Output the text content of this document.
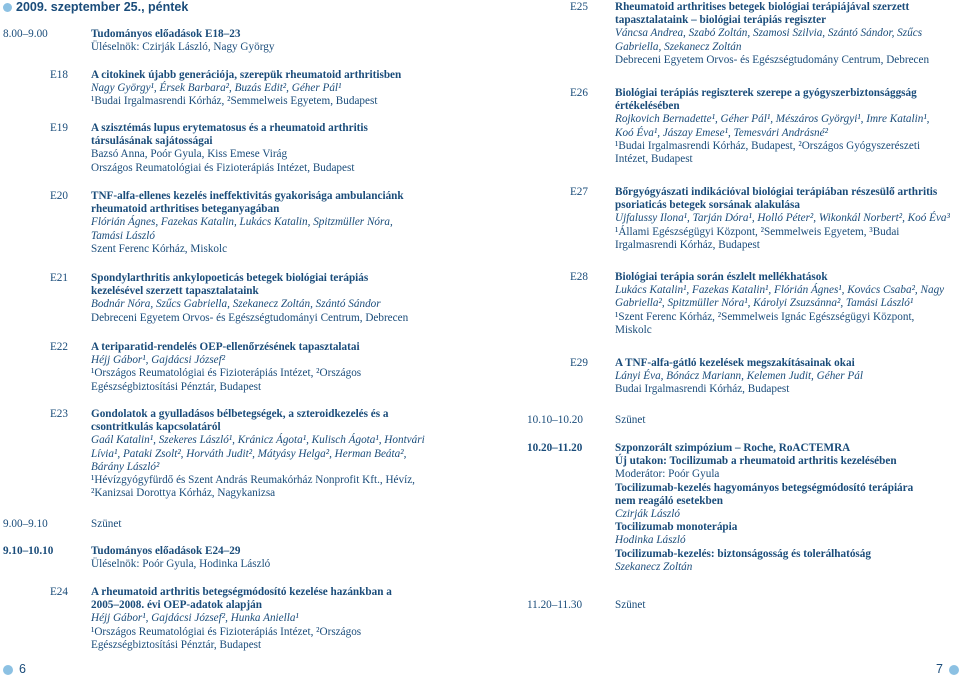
2009. szeptember 25., péntek
8.00–9.00	Tudományos előadások E18–23
Üléselnök: Czirják László, Nagy György
E18 A citokinek újabb generációja, szerepük rheumatoid arthritisben
Nagy György¹, Érsek Barbara², Buzás Edit², Géher Pál¹
¹Budai Irgalmasrendi Kórház, ²Semmelweis Egyetem, Budapest
E19 A szisztémás lupus erytematosus és a rheumatoid arthritis
társulásának sajátosságai
Bazsó Anna, Poór Gyula, Kiss Emese Virág
Országos Reumatológiai és Fizioterápiás Intézet, Budapest
E20 TNF-alfa-ellenes kezelés ineffektivitás gyakorisága ambulanciánk
rheumatoid arthritises beteganyagában
Flórián Ágnes, Fazekas Katalin, Lukács Katalin, Spitzmüller Nóra,
Tamási László
Szent Ferenc Kórház, Miskolc
E21 Spondylarthritis ankylopoeticás betegek biológiai terápiás
kezelésével szerzett tapasztalataink
Bodnár Nóra, Szűcs Gabriella, Szekanecz Zoltán, Szántó Sándor
Debreceni Egyetem Orvos- és Egészségtudományi Centrum, Debrecen
E22 A teriparatid-rendelés OEP-ellenőrzésének tapasztalatai
Héjj Gábor¹, Gajdácsi József²
¹Országos Reumatológiai és Fizioterápiás Intézet, ²Országos
Egészségbiztosítási Pénztár, Budapest
E23 Gondolatok a gyulladásos bélbetegségek, a szteroidkezelés és a
csontritkulás kapcsolatáról
Gaál Katalin¹, Szekeres László¹, Kránicz Ágota¹, Kulisch Ágota¹, Hontvári
Lívia¹, Pataki Zsolt², Horváth Judit², Mátyásy Helga², Herman Beáta²,
Bárány László²
¹Hévízgyógyfürdő és Szent András Reumakórház Nonprofit Kft., Hévíz,
²Kanizsai Dorottya Kórház, Nagykanizsa
9.00–9.10	Szünet
9.10–10.10	Tudományos előadások E24–29
Üléselnök: Poór Gyula, Hodinka László
E24 A rheumatoid arthritis betegségmódosító kezelése hazánkban a
2005–2008. évi OEP-adatok alapján
Héjj Gábor¹, Gajdácsi József², Hunka Aniella¹
¹Országos Reumatológiai és Fizioterápiás Intézet, ²Országos
Egészségbiztosítási Pénztár, Budapest
6
E25 Rheumatoid arthritises betegek biológiai terápiájával szerzett
tapasztalataink – biológiai terápiás regiszter
Váncsa Andrea, Szabó Zoltán, Szamosi Szilvia, Szántó Sándor, Szűcs
Gabriella, Szekanecz Zoltán
Debreceni Egyetem Orvos- és Egészségtudomány Centrum, Debrecen
E26 Biológiai terápiás regiszterek szerepe a gyógyszerbiztonsággság
értékelésében
Rojkovich Bernadette¹, Géher Pál¹, Mészáros Györgyi¹, Imre Katalin¹,
Koó Éva¹, Jászay Emese¹, Temesvári Andrásné²
¹Budai Irgalmasrendi Kórház, Budapest, ²Országos Gyógyszerészeti
Intézet, Budapest
E27 Bőrgyógyászati indikációval biológiai terápiában részesülő arthritis
psoriaticás betegek sorsának alakulása
Ujfalussy Ilona¹, Tarján Dóra¹, Holló Péter², Wikonkál Norbert², Koó Éva³
¹Állami Egészségügyi Központ, ²Semmelweis Egyetem, ³Budai
Irgalmasrendi Kórház, Budapest
E28 Biológiai terápia során észlelt mellékhatások
Lukács Katalin¹, Fazekas Katalin¹, Flórián Ágnes¹, Kovács Csaba², Nagy
Gabriella², Spitzmüller Nóra¹, Károlyi Zsuzsánna², Tamási László¹
¹Szent Ferenc Kórház, ²Semmelweis Ignác Egészségügyi Központ,
Miskolc
E29 A TNF-alfa-gátló kezelések megszakításainak okai
Lányi Éva, Bónácz Mariann, Kelemen Judit, Géher Pál
Budai Irgalmasrendi Kórház, Budapest
10.10–10.20	Szünet
10.20–11.20	Szponzorált szimpózium – Roche, RoACTEMRA
Új utakon: Tocilizumab a rheumatoid arthritis kezelésében
Moderátor: Poór Gyula
Tocilizumab-kezelés hagyományos betegségmódosító terápiára
nem reagáló esetekben
Czirják László
Tocilizumab monoterápia
Hodinka László
Tocilizumab-kezelés: biztonságosság és tolerálhatóság
Szekanecz Zoltán
11.20–11.30	Szünet
7
